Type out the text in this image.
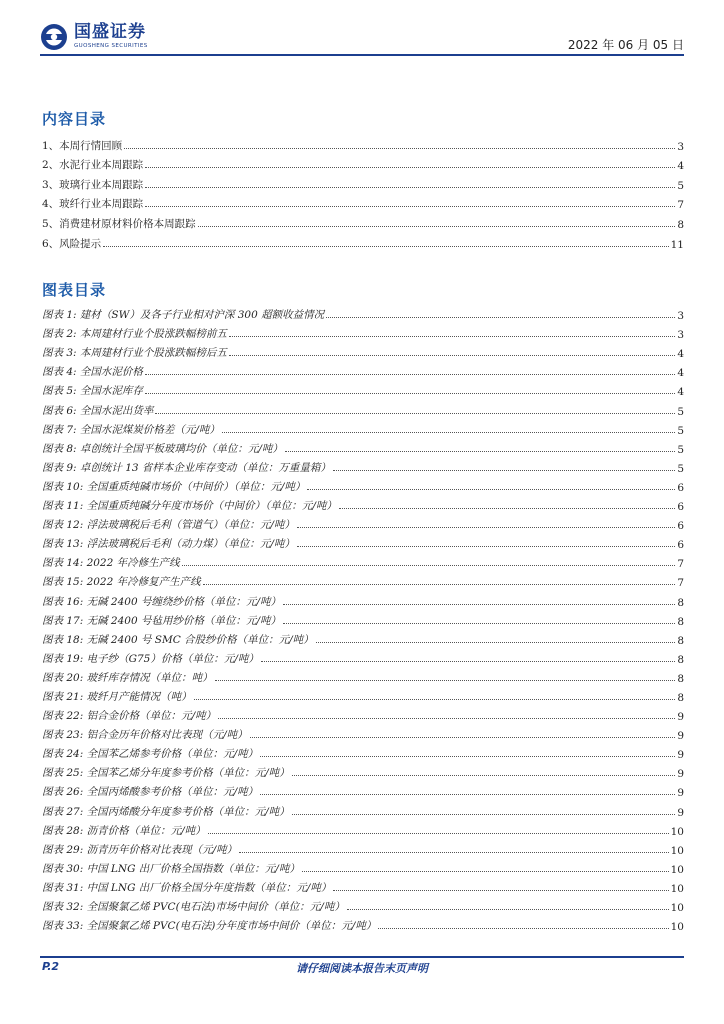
国盛证券
GUOSHENG SECURITIES	2022 年 06 月 05 日
内容目录
1、本周行情回顾	3
2、水泥行业本周跟踪	4
3、玻璃行业本周跟踪	5
4、玻纤行业本周跟踪	7
5、消费建材原材料价格本周跟踪	8
6、风险提示	11
图表目录
图表 1: 建材（SW）及各子行业相对沪深 300 超额收益情况	3
图表 2: 本周建材行业个股涨跌幅榜前五	3
图表 3: 本周建材行业个股涨跌幅榜后五	4
图表 4: 全国水泥价格	4
图表 5: 全国水泥库存	4
图表 6: 全国水泥出货率	5
图表 7: 全国水泥煤炭价格差（元/吨）	5
图表 8: 卓创统计全国平板玻璃均价（单位：元/吨）	5
图表 9: 卓创统计 13 省样本企业库存变动（单位：万重量箱）	5
图表 10: 全国重质纯碱市场价（中间价）（单位：元/吨）	6
图表 11: 全国重质纯碱分年度市场价（中间价）（单位：元/吨）	6
图表 12: 浮法玻璃税后毛利（管道气）（单位：元/吨）	6
图表 13: 浮法玻璃税后毛利（动力煤）（单位：元/吨）	6
图表 14: 2022 年冷修生产线	7
图表 15: 2022 年冷修复产生产线	7
图表 16: 无碱 2400 号缠绕纱价格（单位：元/吨）	8
图表 17: 无碱 2400 号毡用纱价格（单位：元/吨）	8
图表 18: 无碱 2400 号 SMC 合股纱价格（单位：元/吨）	8
图表 19: 电子纱（G75）价格（单位：元/吨）	8
图表 20: 玻纤库存情况（单位：吨）	8
图表 21: 玻纤月产能情况（吨）	8
图表 22: 铝合金价格（单位：元/吨）	9
图表 23: 铝合金历年价格对比表现（元/吨）	9
图表 24: 全国苯乙烯参考价格（单位：元/吨）	9
图表 25: 全国苯乙烯分年度参考价格（单位：元/吨）	9
图表 26: 全国丙烯酸参考价格（单位：元/吨）	9
图表 27: 全国丙烯酸分年度参考价格（单位：元/吨）	9
图表 28: 沥青价格（单位：元/吨）	10
图表 29: 沥青历年价格对比表现（元/吨）	10
图表 30: 中国 LNG 出厂价格全国指数（单位：元/吨）	10
图表 31: 中国 LNG 出厂价格全国分年度指数（单位：元/吨）	10
图表 32: 全国聚氯乙烯 PVC(电石法)市场中间价（单位：元/吨）	10
图表 33: 全国聚氯乙烯 PVC(电石法)分年度市场中间价（单位：元/吨）	10
P.2	请仔细阅读本报告末页声明
